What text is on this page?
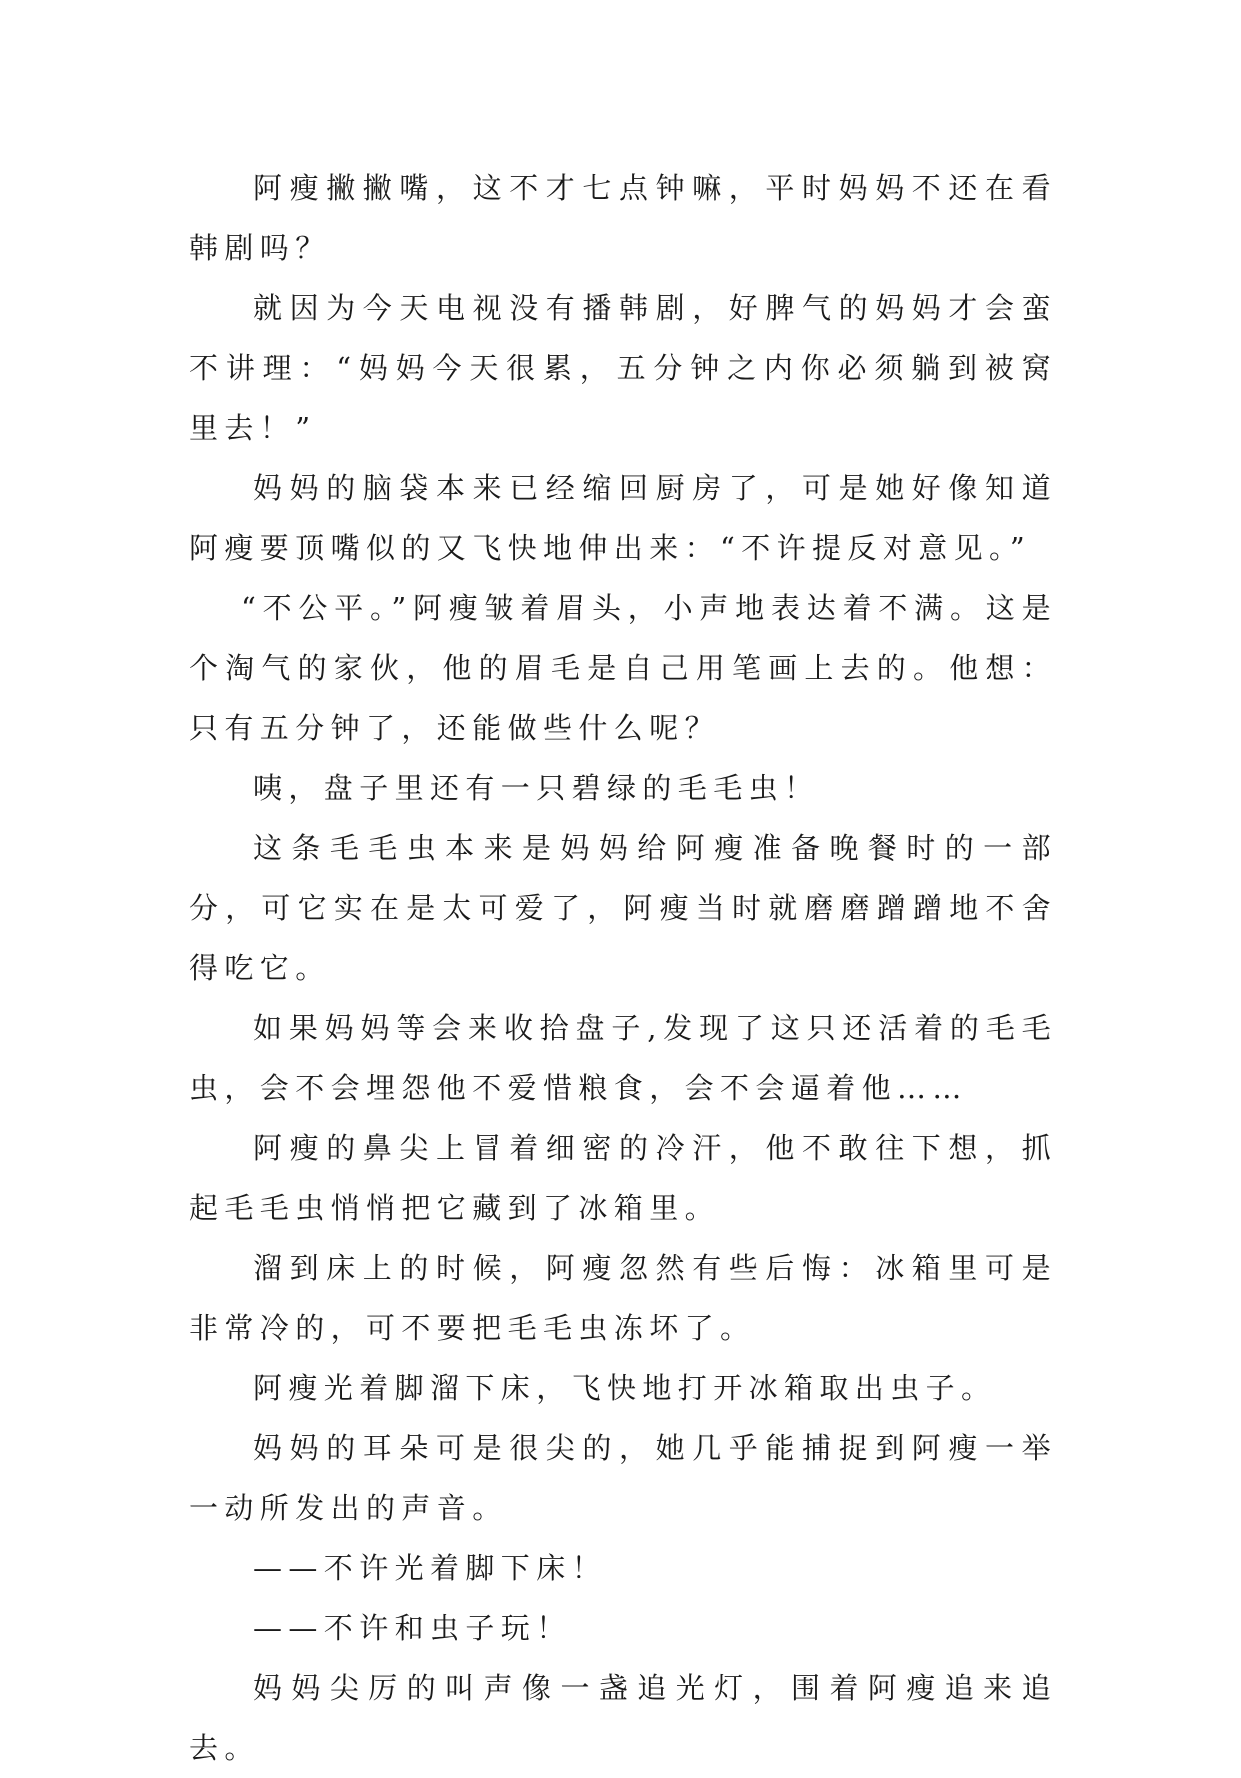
阿瘦撇撇嘴，这不才七点钟嘛，平时妈妈不还在看韩剧吗？

就因为今天电视没有播韩剧，好脾气的妈妈才会蛮不讲理：“妈妈今天很累，五分钟之内你必须躺到被窝里去！”

妈妈的脑袋本来已经缩回厨房了，可是她好像知道阿瘦要顶嘴似的又飞快地伸出来：“不许提反对意见。”

“不公平。”阿瘦皱着眉头，小声地表达着不满。这是个淘气的家伙，他的眉毛是自己用笔画上去的。他想：只有五分钟了，还能做些什么呢？

咦，盘子里还有一只碧绿的毛毛虫！

这条毛毛虫本来是妈妈给阿瘦准备晚餐时的一部分，可它实在是太可爱了，阿瘦当时就磨磨蹭蹭地不舍得吃它。

如果妈妈等会来收拾盘子,发现了这只还活着的毛毛虫，会不会埋怨他不爱惜粮食，会不会逼着他……

阿瘦的鼻尖上冒着细密的冷汗，他不敢往下想，抓起毛毛虫悄悄把它藏到了冰箱里。

溜到床上的时候，阿瘦忽然有些后悔：冰箱里可是非常冷的，可不要把毛毛虫冻坏了。

阿瘦光着脚溜下床，飞快地打开冰箱取出虫子。

妈妈的耳朵可是很尖的，她几乎能捕捉到阿瘦一举一动所发出的声音。

——不许光着脚下床！

——不许和虫子玩！

妈妈尖厉的叫声像一盏追光灯，围着阿瘦追来追去。
